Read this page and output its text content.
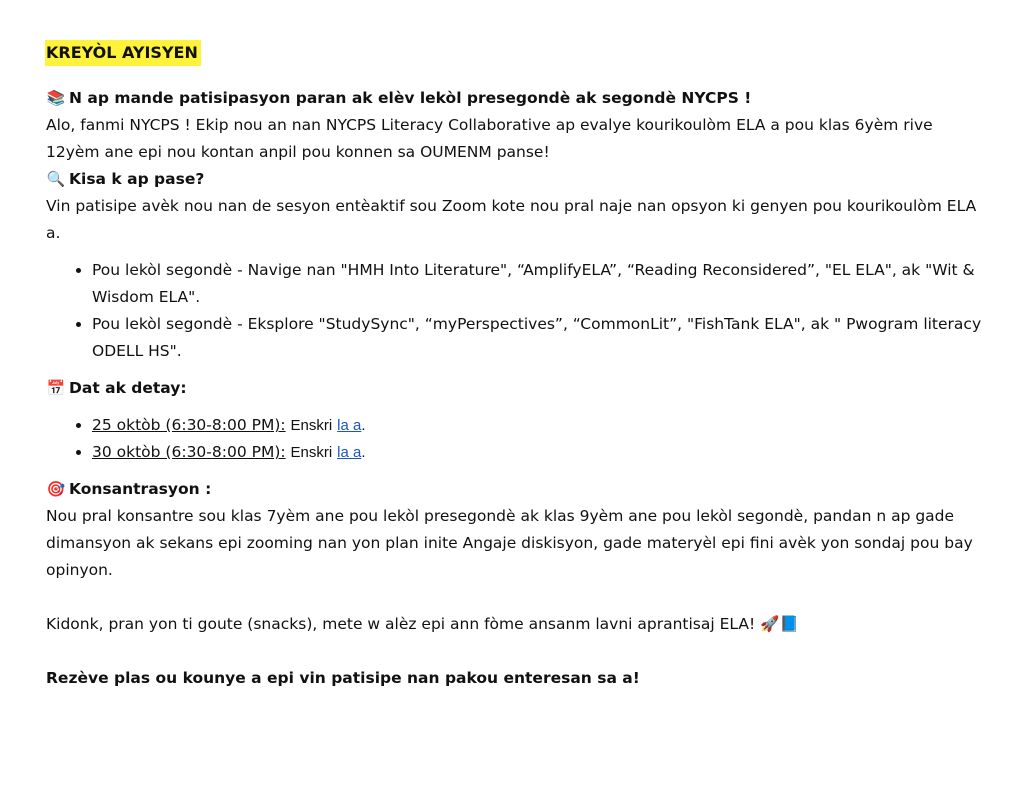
KREYÒL AYISYEN

📚 N ap mande patisipasyon paran ak elèv lekòl presegondè ak segondè NYCPS !

Alo, fanmi NYCPS ! Ekip nou an nan NYCPS Literacy Collaborative ap evalye kourikoulòm ELA a pou klas 6yèm rive 12yèm ane epi nou kontan anpil pou konnen sa OUMENM panse!

🔍 Kisa k ap pase?

Vin patisipe avèk nou nan de sesyon entèaktif sou Zoom kote nou pral naje nan opsyon ki genyen pou kourikoulòm ELA a.

• Pou lekòl segondè - Navige nan "HMH Into Literature", “AmplifyELA”, “Reading Reconsidered”, "EL ELA", ak "Wit & Wisdom ELA".
• Pou lekòl segondè - Eksplore "StudySync", “myPerspectives”, “CommonLit”, "FishTank ELA", ak " Pwogram literacy ODELL HS".

📅 Dat ak detay:

• 25 oktòb (6:30-8:00 PM): Enskri la a.
• 30 oktòb (6:30-8:00 PM): Enskri la a.

🎯 Konsantrasyon :

Nou pral konsantre sou klas 7yèm ane pou lekòl presegondè ak klas 9yèm ane pou lekòl segondè, pandan n ap gade dimansyon ak sekans epi zooming nan yon plan inite Angaje diskisyon, gade materyèl epi fini avèk yon sondaj pou bay opinyon.

Kidonk, pran yon ti goute (snacks), mete w alèz epi ann fòme ansanm lavni aprantisaj ELA! 🚀📘

Rezève plas ou kounye a epi vin patisipe nan pakou enteresan sa a!
